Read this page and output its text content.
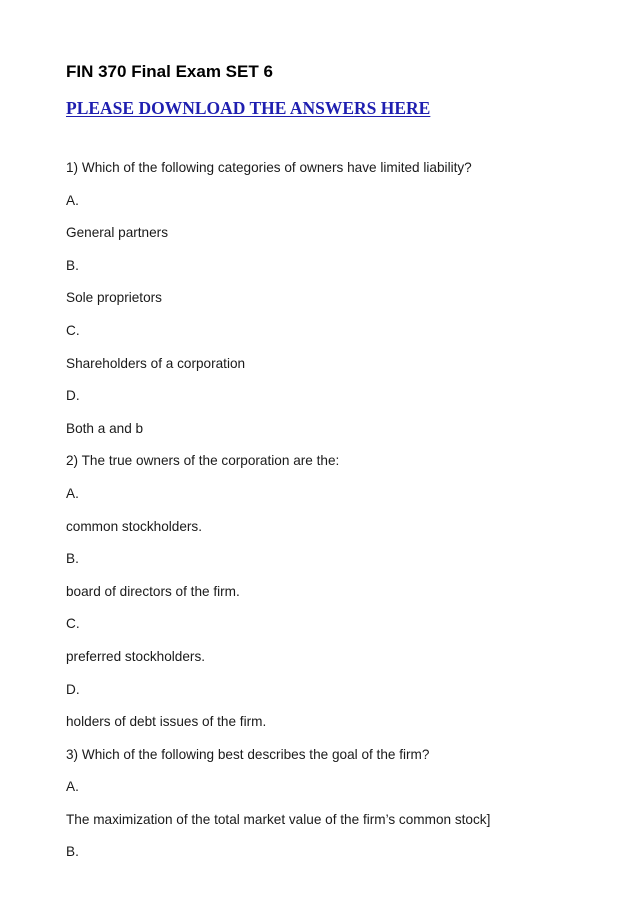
FIN 370 Final Exam SET 6
PLEASE DOWNLOAD THE ANSWERS HERE
1) Which of the following categories of owners have limited liability?
A.
General partners
B.
Sole proprietors
C.
Shareholders of a corporation
D.
Both a and b
2) The true owners of the corporation are the:
A.
common stockholders.
B.
board of directors of the firm.
C.
preferred stockholders.
D.
holders of debt issues of the firm.
3) Which of the following best describes the goal of the firm?
A.
The maximization of the total market value of the firm’s common stock]
B.
